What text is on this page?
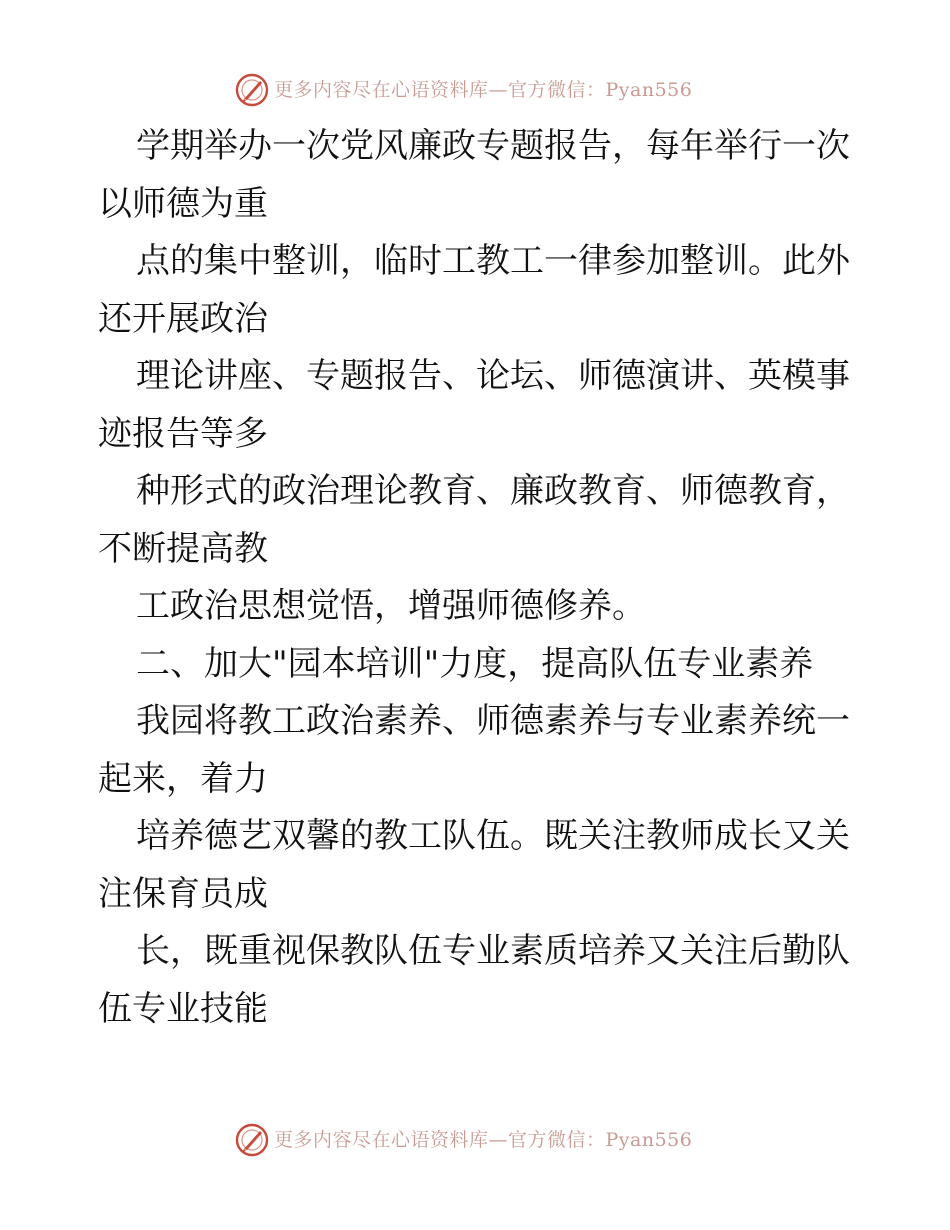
更多内容尽在心语资料库—官方微信：Pyan556
学期举办一次党风廉政专题报告，每年举行一次
以师德为重
点的集中整训，临时工教工一律参加整训。此外
还开展政治
理论讲座、专题报告、论坛、师德演讲、英模事
迹报告等多
种形式的政治理论教育、廉政教育、师德教育，
不断提高教
工政治思想觉悟，增强师德修养。
二、加大"园本培训"力度，提高队伍专业素养
我园将教工政治素养、师德素养与专业素养统一
起来，着力
培养德艺双馨的教工队伍。既关注教师成长又关
注保育员成
长，既重视保教队伍专业素质培养又关注后勤队
伍专业技能
更多内容尽在心语资料库—官方微信：Pyan556
